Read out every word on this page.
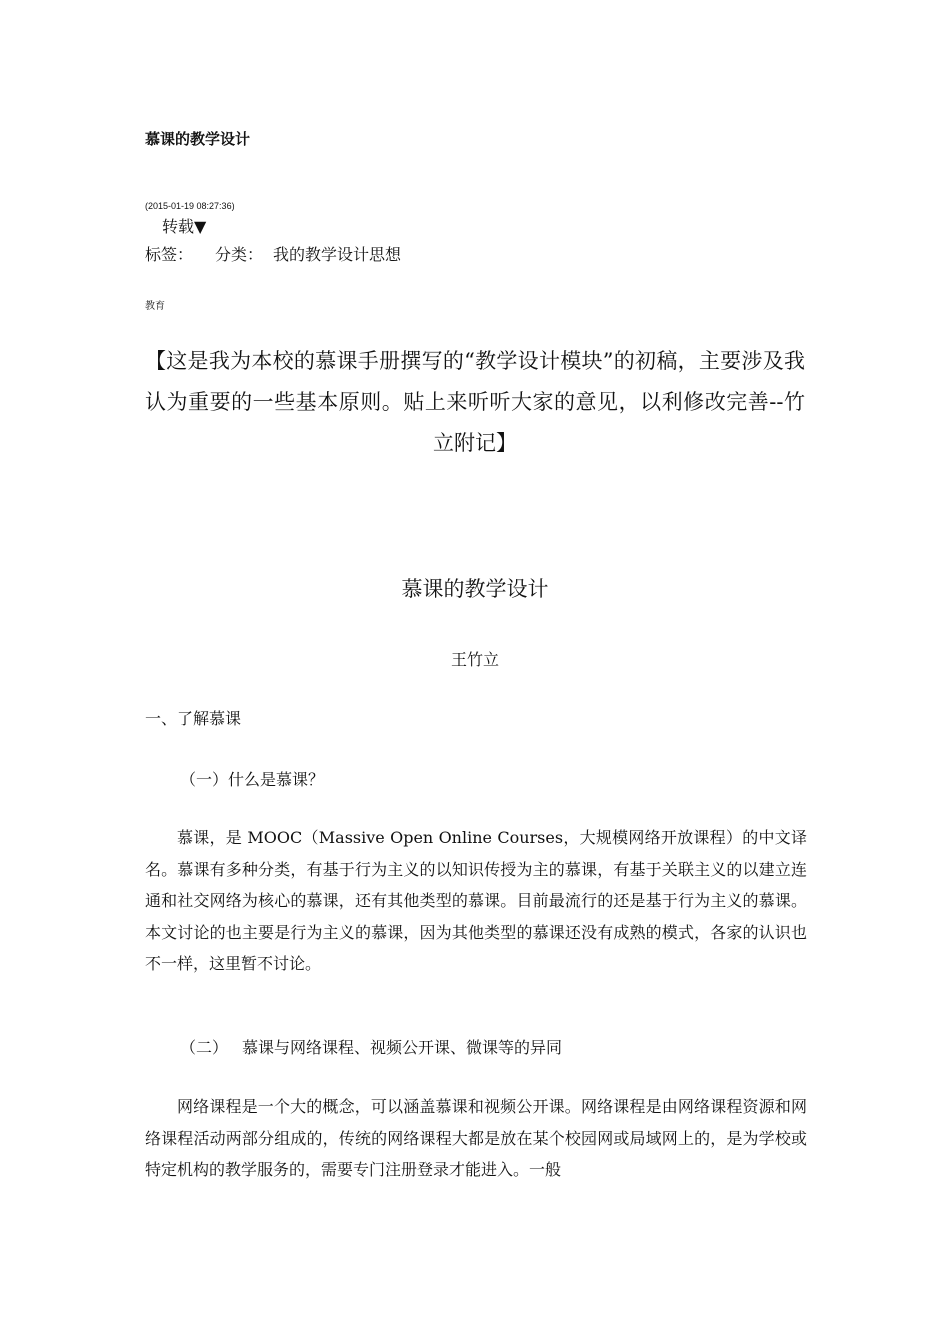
慕课的教学设计
(2015-01-19 08:27:36)
转载▼
标签： 分类： 我的教学设计思想
教育

【这是我为本校的慕课手册撰写的“教学设计模块”的初稿，主要涉及我认为重要的一些基本原则。贴上来听听大家的意见，以利修改完善--竹立附记】

慕课的教学设计
王竹立
一、了解慕课
（一）什么是慕课？

慕课，是 MOOC（Massive Open Online Courses，大规模网络开放课程）的中文译名。慕课有多种分类，有基于行为主义的以知识传授为主的慕课，有基于关联主义的以建立连通和社交网络为核心的慕课，还有其他类型的慕课。目前最流行的还是基于行为主义的慕课。本文讨论的也主要是行为主义的慕课，因为其他类型的慕课还没有成熟的模式，各家的认识也不一样，这里暂不讨论。

（二） 慕课与网络课程、视频公开课、微课等的异同

网络课程是一个大的概念，可以涵盖慕课和视频公开课。网络课程是由网络课程资源和网络课程活动两部分组成的，传统的网络课程大都是放在某个校园网或局域网上的，是为学校或特定机构的教学服务的，需要专门注册登录才能进入。一般
